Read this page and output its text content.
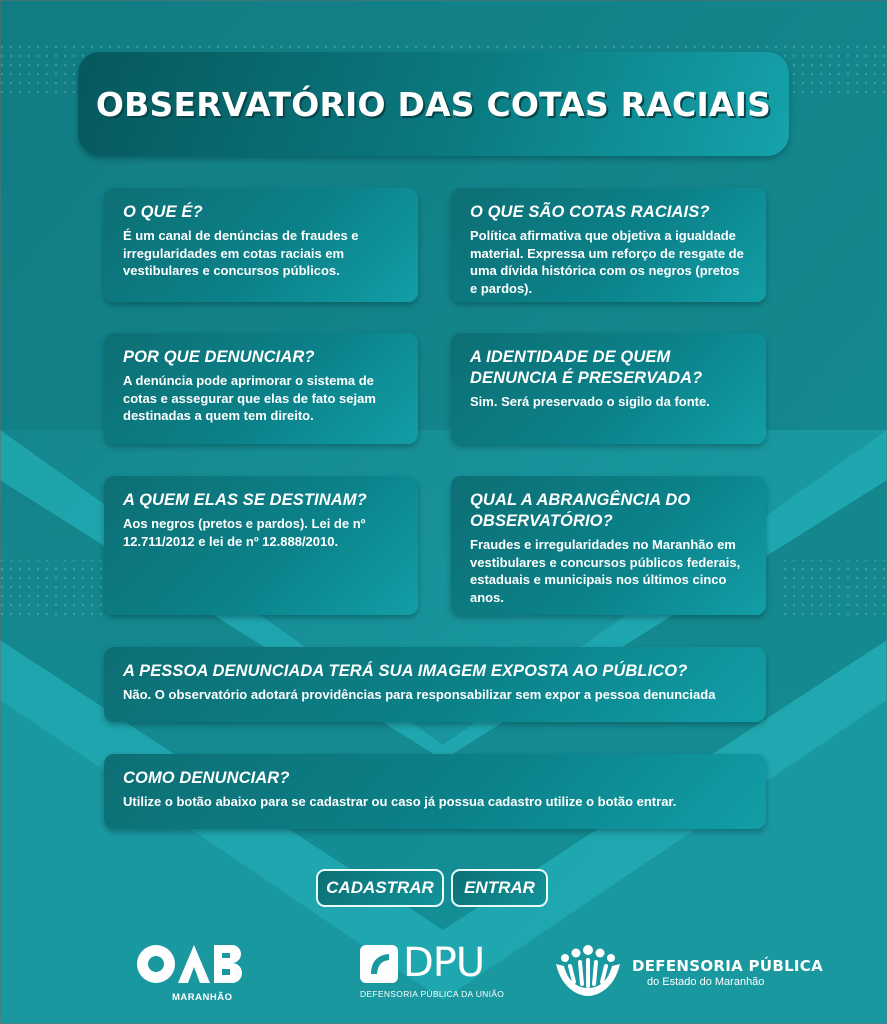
OBSERVATÓRIO DAS COTAS RACIAIS
O QUE É?

É um canal de denúncias de fraudes e irregularidades em cotas raciais em vestibulares e concursos públicos.

O QUE SÃO COTAS RACIAIS?

Política afirmativa que objetiva a igualdade material. Expressa um reforço de resgate de uma dívida histórica com os negros (pretos e pardos).

POR QUE DENUNCIAR?

A denúncia pode aprimorar o sistema de cotas e assegurar que elas de fato sejam destinadas a quem tem direito.

A IDENTIDADE DE QUEM DENUNCIA É PRESERVADA?

Sim. Será preservado o sigilo da fonte.

A QUEM ELAS SE DESTINAM?

Aos negros (pretos e pardos). Lei de nº 12.711/2012 e lei de nº 12.888/2010.

QUAL A ABRANGÊNCIA DO OBSERVATÓRIO?

Fraudes e irregularidades no Maranhão em vestibulares e concursos públicos federais, estaduais e municipais nos últimos cinco anos.

A PESSOA DENUNCIADA TERÁ SUA IMAGEM EXPOSTA AO PÚBLICO?

Não. O observatório adotará providências para responsabilizar sem expor a pessoa denunciada

COMO DENUNCIAR?

Utilize o botão abaixo para se cadastrar ou caso já possua cadastro utilize o botão entrar.

CADASTRAR	ENTRAR
MARANHÃO
DPU
DEFENSORIA PÚBLICA DA UNIÃO
DEFENSORIA PÚBLICA
do Estado do Maranhão
